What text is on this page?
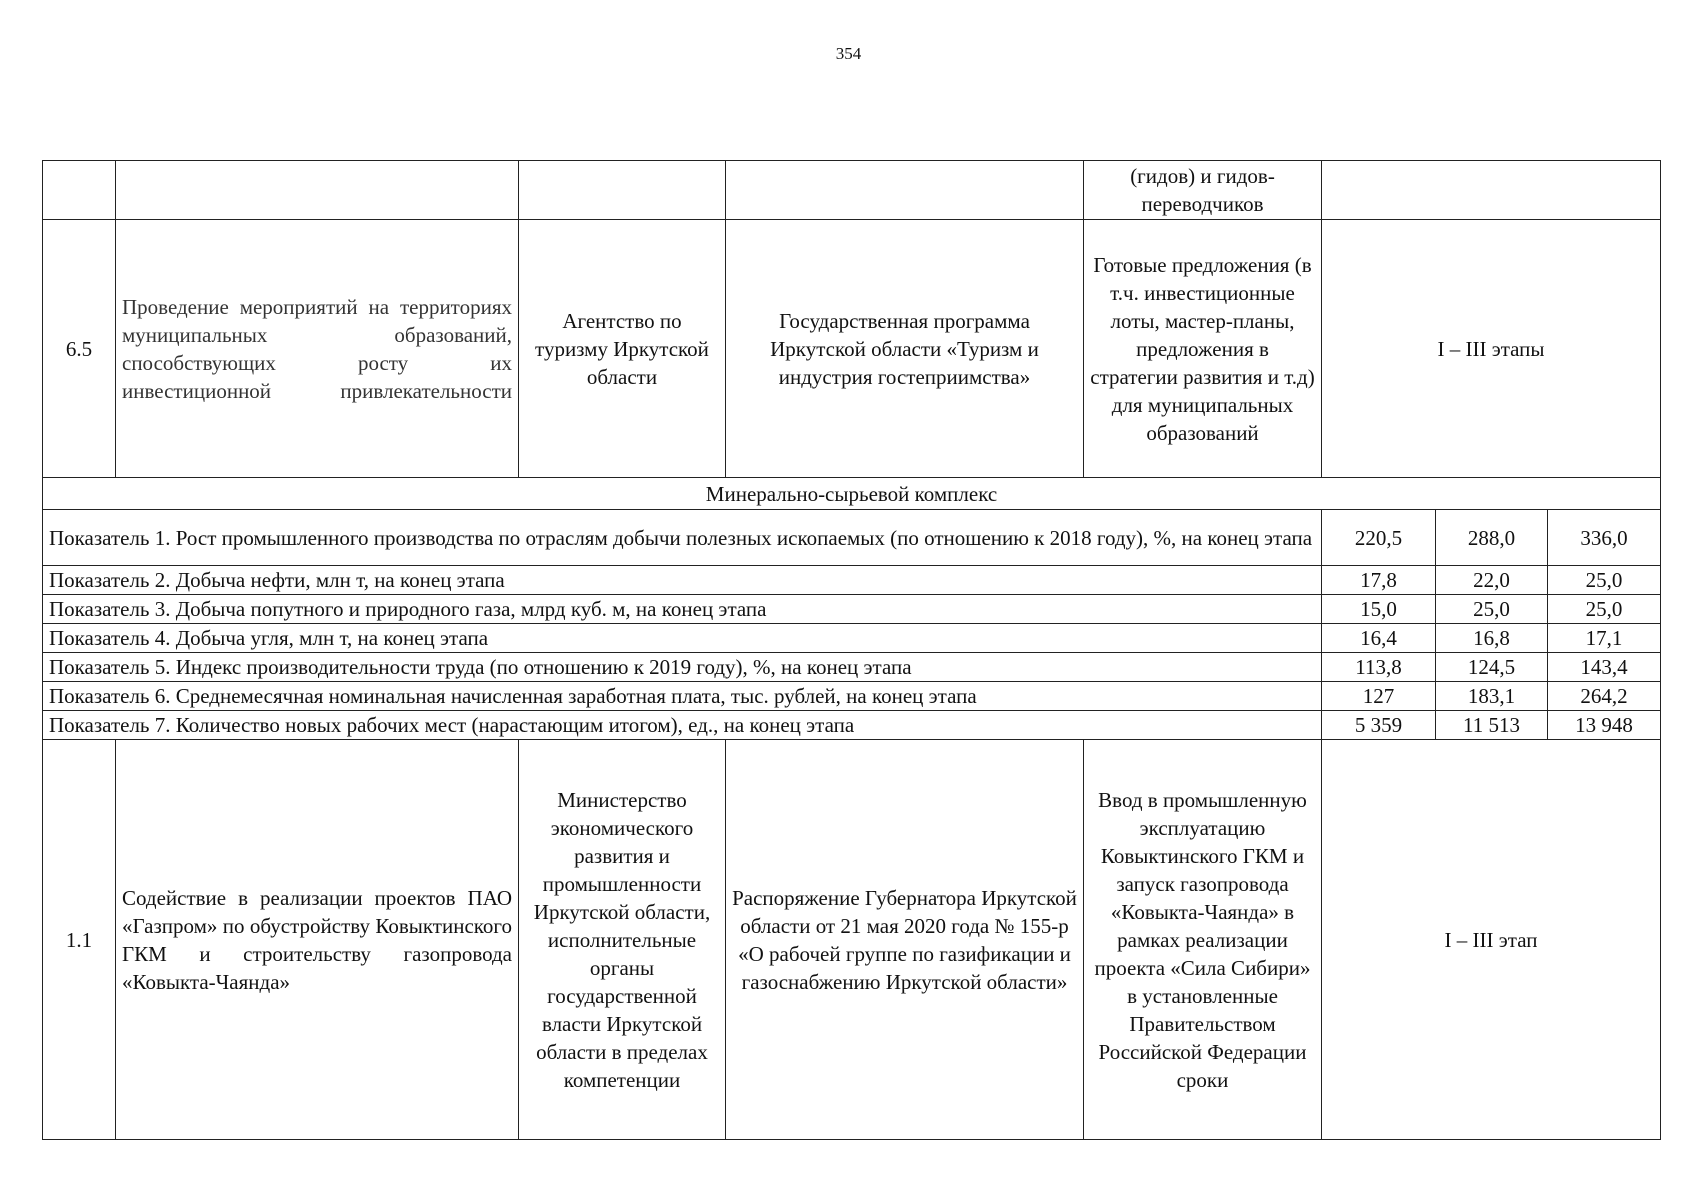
354
				(гидов) и гидов-переводчиков			
6.5	Проведение мероприятий на территориях муниципальных образований, способствующих росту их инвестиционной привлекательности	Агентство по туризму Иркутской области	Государственная программа Иркутской области «Туризм и индустрия гостеприимства»	Готовые предложения (в т.ч. инвестиционные лоты, мастер-планы, предложения в стратегии развития и т.д) для муниципальных образований	I – III этапы		
Минерально-сырьевой комплекс							
Показатель 1. Рост промышленного производства по отраслям добычи полезных ископаемых (по отношению к 2018 году), %, на конец этапа					220,5	288,0	336,0
Показатель 2. Добыча нефти, млн т, на конец этапа					17,8	22,0	25,0
Показатель 3. Добыча попутного и природного газа, млрд куб. м, на конец этапа					15,0	25,0	25,0
Показатель 4. Добыча угля, млн т, на конец этапа					16,4	16,8	17,1
Показатель 5. Индекс производительности труда (по отношению к 2019 году), %, на конец этапа					113,8	124,5	143,4
Показатель 6. Среднемесячная номинальная начисленная заработная плата, тыс. рублей, на конец этапа					127	183,1	264,2
Показатель 7. Количество новых рабочих мест (нарастающим итогом), ед., на конец этапа					5 359	11 513	13 948
1.1	Содействие в реализации проектов ПАО «Газпром» по обустройству Ковыктинского ГКМ и строительству газопровода «Ковыкта-Чаянда»	Министерство экономического развития и промышленности Иркутской области, исполнительные органы государственной власти Иркутской области в пределах компетенции	Распоряжение Губернатора Иркутской области от 21 мая 2020 года № 155-р «О рабочей группе по газификации и газоснабжению Иркутской области»	Ввод в промышленную эксплуатацию Ковыктинского ГКМ и запуск газопровода «Ковыкта-Чаянда» в рамках реализации проекта «Сила Сибири» в установленные Правительством Российской Федерации сроки	I – III этап		
